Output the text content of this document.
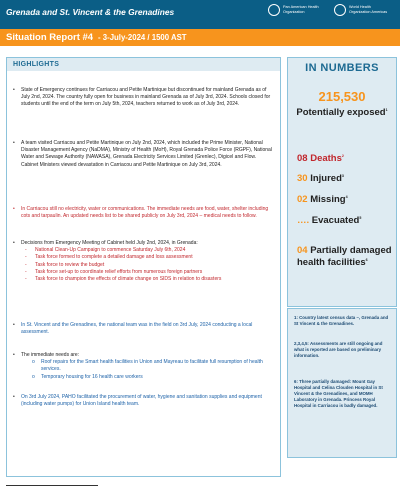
Grenada and St. Vincent & the Grenadines	Pan American Health Organization
World Health Organization Americas
Situation Report #4 - 3-July-2024 / 1500 AST
HIGHLIGHTS
• State of Emergency continues for Carriacou and Petite Martinique but discontinued for mainland Grenada as of July 2nd, 2024. The country fully open for business in mainland Grenada as of July 3rd, 2024. Schools closed for students until the end of the term on July 5th, 2024, teachers returned to work as of July 3rd, 2024.
• A team visited Carriacou and Petite Martinique on July 2nd, 2024, which included the Prime Minister, National Disaster Management Agency (NaDMA), Ministry of Health (MoH), Royal Grenada Police Force (RGPF), National Water and Sewage Authority (NAWASA), Grenada Electricity Services Limited (Grenlec), Digicel and Flow. Cabinet Ministers viewed devastation in Carriacou and Petite Martinique on July 3rd, 2024.
• In Carriacou still no electricity, water or communications. The immediate needs are food, water, shelter including cots and tarpaulin. An updated needs list to be shared publicly on July 3rd, 2024 – medical needs to follow.
• Decisions from Emergency Meeting of Cabinet held July 2nd, 2024, in Grenada:
- National Clean-Up Campaign to commence Saturday July 6th, 2024
- Task force formed to complete a detailed damage and loss assessment
- Task force to review the budget
- Task force set-up to coordinate relief efforts from numerous foreign partners
- Task force to champion the effects of climate change on SIDS in relation to disasters
• In St. Vincent and the Grenadines, the national team was in the field on 3rd July, 2024 conducting a local assessment.
• The immediate needs are:
o Roof repairs for the Smart health facilities in Union and Mayreau to facilitate full resumption of health services.
o Temporary housing for 16 health care workers
• On 3rd July 2024, PAHO facilitated the procurement of water, hygiene and sanitation supplies and equipment (including water pumps) for Union Island health team.
IN NUMBERS
215,530
Potentially exposed$^1$
08 Deaths$^2$
30 Injured$^3$
02 Missing$^4$
…. Evacuated$^5$
04 Partially damaged health facilities$^6$
1: Country latest census data –, Grenada and St Vincent & the Grenadines.
2,3,4,5: Assessments are still ongoing and what is reported are based on preliminary information.
6: Three partially damaged: Mount Gay Hospital and Celina Clouden Hospital in St Vincent & the Grenadines, and MOMH Laboratory in Grenada. Princess Royal Hospital in Carriacou is badly damaged.
